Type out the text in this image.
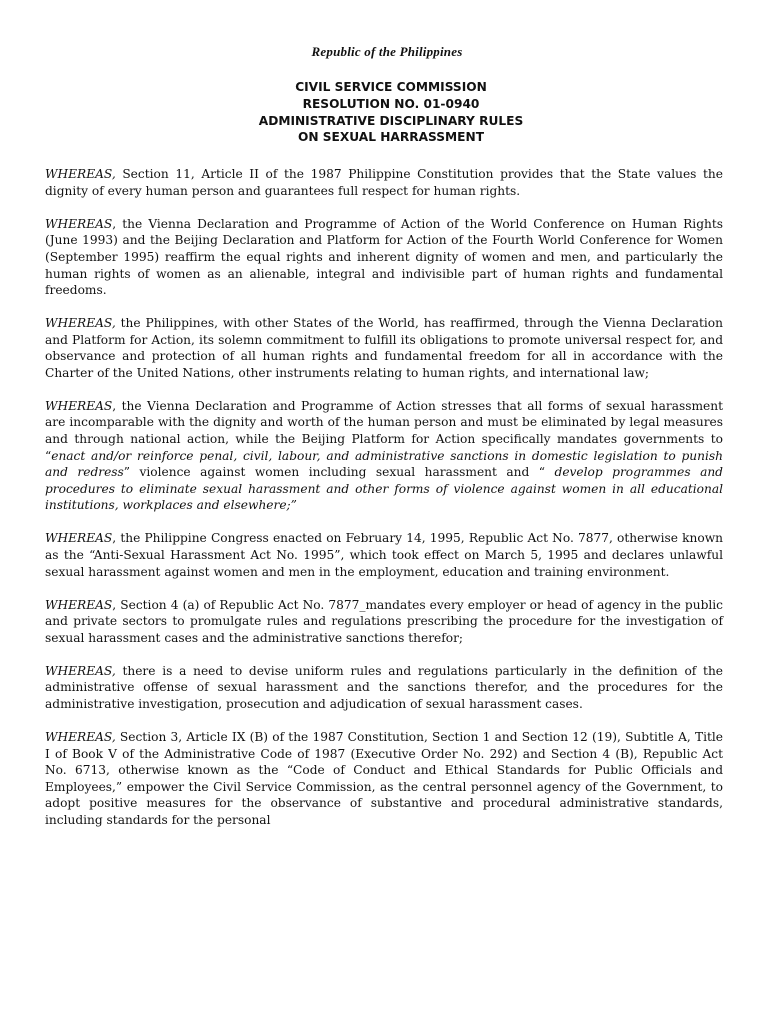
Republic of the Philippines
CIVIL SERVICE COMMISSION
RESOLUTION NO. 01-0940
ADMINISTRATIVE DISCIPLINARY RULES
ON SEXUAL HARRASSMENT

WHEREAS, Section 11, Article II of the 1987 Philippine Constitution provides that the State values the dignity of every human person and guarantees full respect for human rights.

WHEREAS, the Vienna Declaration and Programme of Action of the World Conference on Human Rights (June 1993) and the Beijing Declaration and Platform for Action of the Fourth World Conference for Women (September 1995) reaffirm the equal rights and inherent dignity of women and men, and particularly the human rights of women as an alienable, integral and indivisible part of human rights and fundamental freedoms.

WHEREAS, the Philippines, with other States of the World, has reaffirmed, through the Vienna Declaration and Platform for Action, its solemn commitment to fulfill its obligations to promote universal respect for, and observance and protection of all human rights and fundamental freedom for all in accordance with the Charter of the United Nations, other instruments relating to human rights, and international law;

WHEREAS, the Vienna Declaration and Programme of Action stresses that all forms of sexual harassment are incomparable with the dignity and worth of the human person and must be eliminated by legal measures and through national action, while the Beijing Platform for Action specifically mandates governments to “enact and/or reinforce penal, civil, labour, and administrative sanctions in domestic legislation to punish and redress” violence against women including sexual harassment and “ develop programmes and procedures to eliminate sexual harassment and other forms of violence against women in all educational institutions, workplaces and elsewhere;”

WHEREAS, the Philippine Congress enacted on February 14, 1995, Republic Act No. 7877, otherwise known as the “Anti-Sexual Harassment Act No. 1995”, which took effect on March 5, 1995 and declares unlawful sexual harassment against women and men in the employment, education and training environment.

WHEREAS, Section 4 (a) of Republic Act No. 7877_mandates every employer or head of agency in the public and private sectors to promulgate rules and regulations prescribing the procedure for the investigation of sexual harassment cases and the administrative sanctions therefor;

WHEREAS, there is a need to devise uniform rules and regulations particularly in the definition of the administrative offense of sexual harassment and the sanctions therefor, and the procedures for the administrative investigation, prosecution and adjudication of sexual harassment cases.

WHEREAS, Section 3, Article IX (B) of the 1987 Constitution, Section 1 and Section 12 (19), Subtitle A, Title I of Book V of the Administrative Code of 1987 (Executive Order No. 292) and Section 4 (B), Republic Act No. 6713, otherwise known as the “Code of Conduct and Ethical Standards for Public Officials and Employees,” empower the Civil Service Commission, as the central personnel agency of the Government, to adopt positive measures for the observance of substantive and procedural administrative standards, including standards for the personal
